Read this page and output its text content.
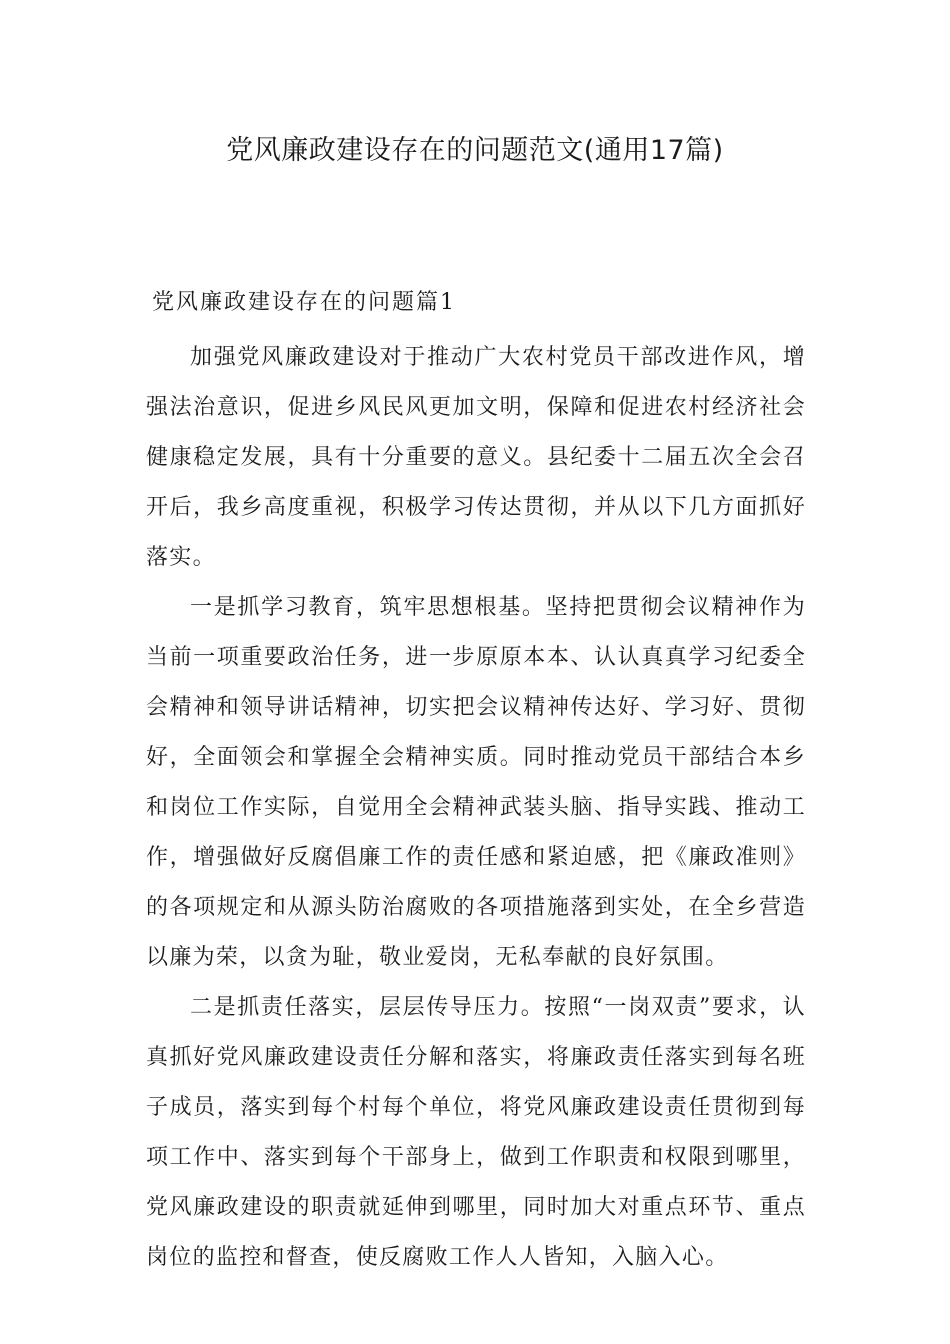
党风廉政建设存在的问题范文(通用17篇)
党风廉政建设存在的问题篇1

加强党风廉政建设对于推动广大农村党员干部改进作风，增强法治意识，促进乡风民风更加文明，保障和促进农村经济社会健康稳定发展，具有十分重要的意义。县纪委十二届五次全会召开后，我乡高度重视，积极学习传达贯彻，并从以下几方面抓好落实。

一是抓学习教育，筑牢思想根基。坚持把贯彻会议精神作为当前一项重要政治任务，进一步原原本本、认认真真学习纪委全会精神和领导讲话精神，切实把会议精神传达好、学习好、贯彻好，全面领会和掌握全会精神实质。同时推动党员干部结合本乡和岗位工作实际，自觉用全会精神武装头脑、指导实践、推动工作，增强做好反腐倡廉工作的责任感和紧迫感，把《廉政准则》的各项规定和从源头防治腐败的各项措施落到实处，在全乡营造以廉为荣，以贪为耻，敬业爱岗，无私奉献的良好氛围。

二是抓责任落实，层层传导压力。按照“一岗双责”要求，认真抓好党风廉政建设责任分解和落实，将廉政责任落实到每名班子成员，落实到每个村每个单位，将党风廉政建设责任贯彻到每项工作中、落实到每个干部身上，做到工作职责和权限到哪里，党风廉政建设的职责就延伸到哪里，同时加大对重点环节、重点岗位的监控和督查，使反腐败工作人人皆知，入脑入心。
